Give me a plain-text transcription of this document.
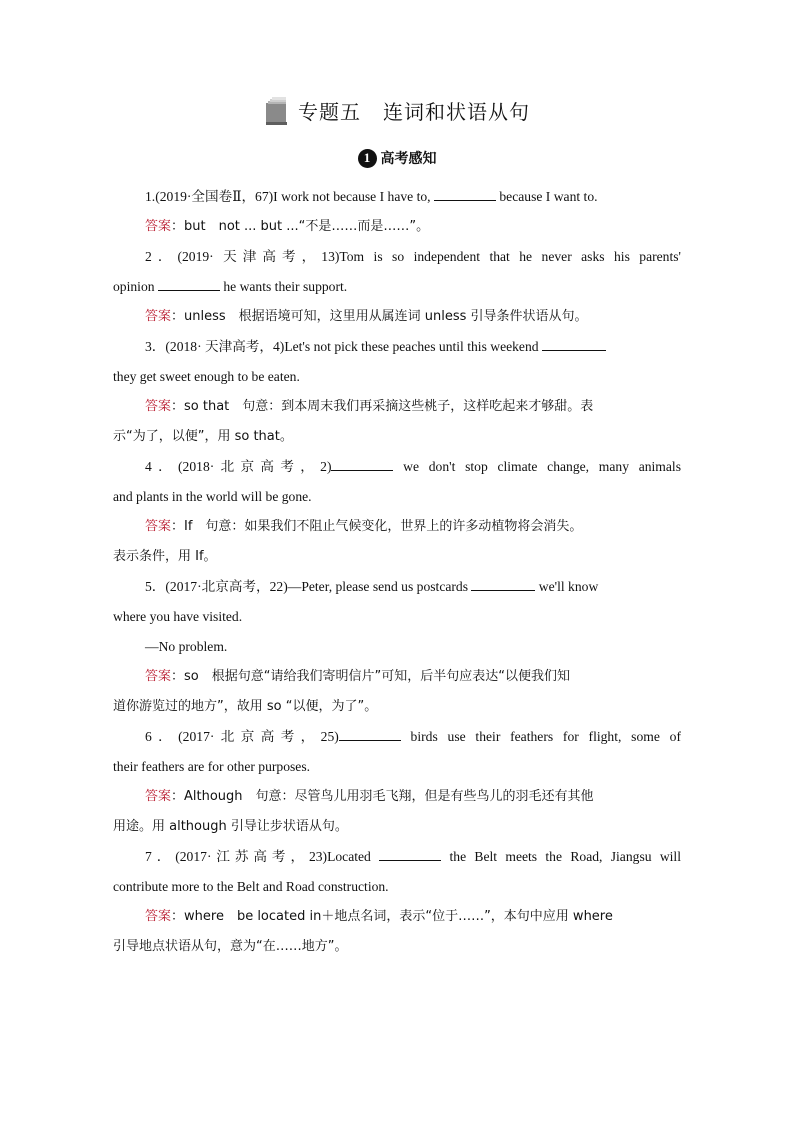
专题五 连词和状语从句
1 高考感知
1.(2019·全国卷Ⅱ，67)I work not because I have to,	because I want to.
答案：but　not ... but ...“不是……而是……”。
2．(2019· 天津高考，13)Tom is so independent that he never asks his parents'
opinion	he wants their support.
答案：unless　根据语境可知，这里用从属连词 unless 引导条件状语从句。
3．(2018· 天津高考，4)Let's not pick these peaches until this weekend
they get sweet enough to be eaten.
答案：so that　句意：到本周末我们再采摘这些桃子，这样吃起来才够甜。表
示“为了，以便”，用 so that。
4．(2018·北京高考，2)	we don't stop climate change, many animals
and plants in the world will be gone.
答案：If　句意：如果我们不阻止气候变化，世界上的许多动植物将会消失。
表示条件，用 If。
5．(2017·北京高考，22)—Peter, please send us postcards	we'll know
where you have visited.
—No problem.
答案：so　根据句意“请给我们寄明信片”可知，后半句应表达“以便我们知
道你游览过的地方”，故用 so “以便，为了”。
6．(2017·北京高考，25)	birds use their feathers for flight, some of
their feathers are for other purposes.
答案：Although　句意：尽管鸟儿用羽毛飞翔，但是有些鸟儿的羽毛还有其他
用途。用 although 引导让步状语从句。
7．(2017·江苏高考，23)Located	the Belt meets the Road, Jiangsu will
contribute more to the Belt and Road construction.
答案：where　be located in＋地点名词，表示“位于……”，本句中应用 where
引导地点状语从句，意为“在……地方”。
